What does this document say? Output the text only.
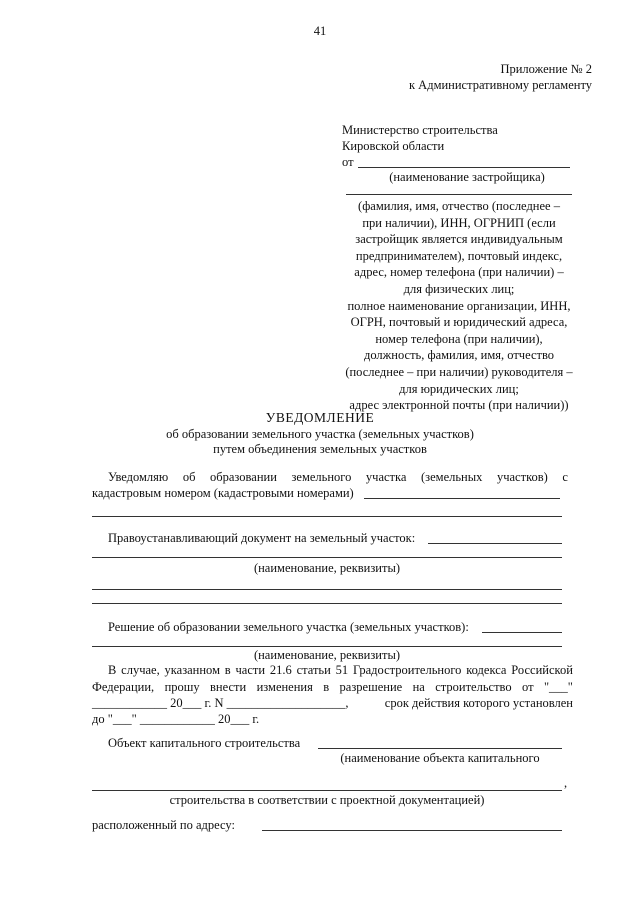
41
Приложение № 2
к Административному регламенту
Министерство строительства
Кировской области
от
(наименование застройщика)
(фамилия, имя, отчество (последнее –
при наличии), ИНН, ОГРНИП (если
застройщик является индивидуальным
предпринимателем), почтовый индекс,
адрес, номер телефона (при наличии) –
для физических лиц;
полное наименование организации, ИНН,
ОГРН, почтовый и юридический адреса,
номер телефона (при наличии),
должность, фамилия, имя, отчество
(последнее – при наличии) руководителя –
для юридических лиц;
адрес электронной почты (при наличии))
УВЕДОМЛЕНИЕ
об образовании земельного участка (земельных участков)
путем объединения земельных участков
Уведомляю об образовании земельного участка (земельных участков) с
кадастровым номером (кадастровыми номерами)
Правоустанавливающий документ на земельный участок:
(наименование, реквизиты)
Решение об образовании земельного участка (земельных участков):
(наименование, реквизиты)
В случае, указанном в части 21.6 статьи 51 Градостроительного кодекса Российской
Федерации, прошу внести изменения в разрешение на строительство от "___"
____________ 20___ г. N ___________________,	срок действия которого установлен
до "___" ____________ 20___ г.
Объект капитального строительства
(наименование объекта капитального
,
строительства в соответствии с проектной документацией)
расположенный по адресу:
